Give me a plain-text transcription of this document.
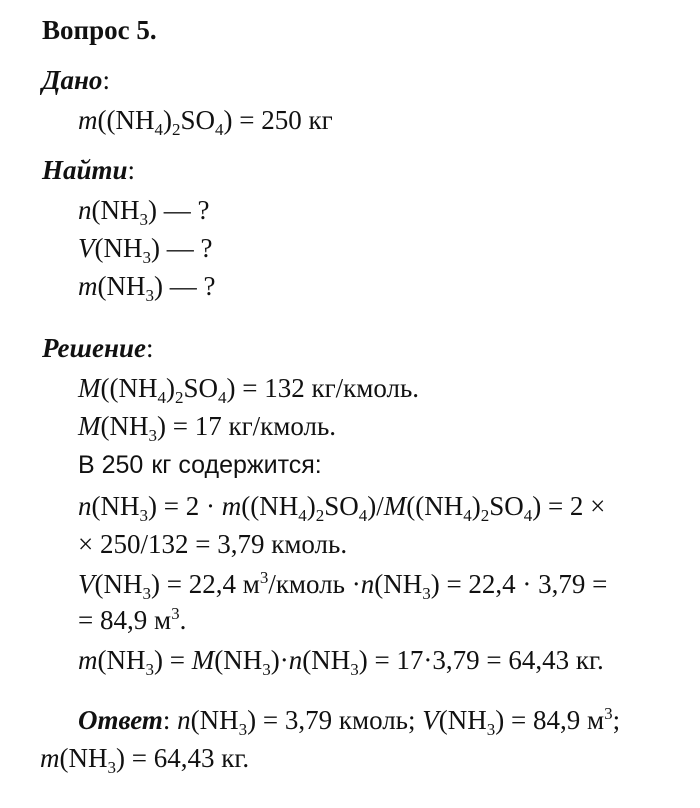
Вопрос 5.
Дано:
$m((NH_4)_2SO_4) = 250$ кг
Найти:
$n(NH_3)$ — ?
$V(NH_3)$ — ?
$m(NH_3)$ — ?
Решение:
$M((NH_4)_2SO_4) = 132$ кг/кмоль.
$M(NH_3) = 17$ кг/кмоль.
В 250 кг содержится:
$n(NH_3) = 2 \cdot m((NH_4)_2SO_4)/M((NH_4)_2SO_4) = 2$ ×
× 250/132 = 3,79 кмоль.
$V(NH_3) = 22,4$ $м^3$/кмоль $\cdot n(NH_3) = 22,4 \cdot 3,79$ =
= 84,9 $м^3$.
$m(NH_3) = M(NH_3)\cdot n(NH_3) = 17\cdot 3,79 = 64,43$ кг.
Ответ: $n(NH_3) = 3,79$ кмоль; $V(NH_3) = 84,9$ $м^3$;
$m(NH_3) = 64,43$ кг.
